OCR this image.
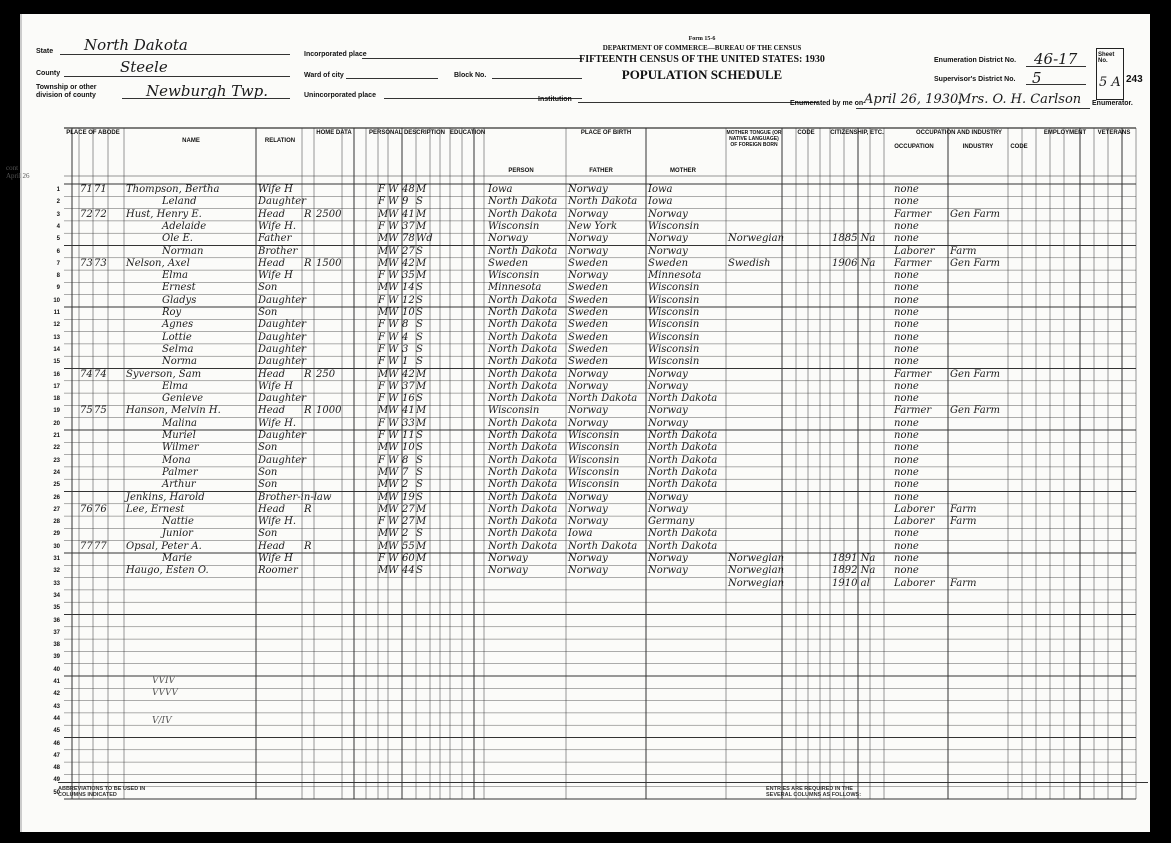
State North Dakota
County	Steele
Township or other division of county	Newburgh Twp.
Incorporated place
Ward of city	Block No.
Unincorporated place
Form 15-6
DEPARTMENT OF COMMERCE—BUREAU OF THE CENSUS
FIFTEENTH CENSUS OF THE UNITED STATES: 1930
POPULATION SCHEDULE
Institution
Enumeration District No. 46-17
Supervisor's District No. 5
Sheet No.
5 A 243
Enumerated by me on April 26, 1930,
Mrs. O. H. Carlson Enumerator.
cont April 26
PLACE OF ABODE
NAME	RELATION
HOME DATA	PERSONAL DESCRIPTION EDUCATION	PLACE OF BIRTH
PERSON	FATHER	MOTHER
MOTHER TONGUE (OR NATIVE LANGUAGE) OF FOREIGN BORN
CODE	CITIZENSHIP, ETC.	OCCUPATION AND INDUSTRY
OCCUPATION	INDUSTRY	CODE
EMPLOYMENT	VETERANS
1 71 71 Thompson, Bertha	Wife H	F W 48 M	Iowa	Norway	Iowa	none
2	Leland	Daughter	F W 9 S	North Dakota	North Dakota	Iowa	none
3 72 72 Hust, Henry E.	Head	R 2500	M W 41 M	North Dakota	Norway	Norway	Farmer	Gen Farm
4	Adelaide	Wife H.	F W 37 M	Wisconsin	New York	Wisconsin	none
5	Ole E.	Father	M W 78 Wd	Norway	Norway	Norway	Norwegian	1885 Na	none
6	Norman	Brother	M W 27 S	North Dakota	Norway	Norway	Laborer	Farm
7 73 73 Nelson, Axel	Head	R 1500	M W 42 M	Sweden	Sweden	Sweden	Swedish	1906 Na	Farmer	Gen Farm
8	Elma	Wife H	F W 35 M	Wisconsin	Norway	Minnesota	none
9	Ernest	Son	M W 14 S	Minnesota	Sweden	Wisconsin	none
10	Gladys	Daughter	F W 12 S	North Dakota	Sweden	Wisconsin	none
11	Roy	Son	M W 10 S	North Dakota	Sweden	Wisconsin	none
12	Agnes	Daughter	F W 8 S	North Dakota	Sweden	Wisconsin	none
13	Lottie	Daughter	F W 4 S	North Dakota	Sweden	Wisconsin	none
14	Selma	Daughter	F W 3 S	North Dakota	Sweden	Wisconsin	none
15	Norma	Daughter	F W 1 S	North Dakota	Sweden	Wisconsin	none
16 74 74 Syverson, Sam	Head	R 250	M W 42 M	North Dakota	Norway	Norway	Farmer	Gen Farm
17	Elma	Wife H	F W 37 M	North Dakota	Norway	Norway	none
18	Genieve	Daughter	F W 16 S	North Dakota	North Dakota	North Dakota	none
19 75 75 Hanson, Melvin H.	Head	R 1000	M W 41 M	Wisconsin	Norway	Norway	Farmer	Gen Farm
20	Malina	Wife H.	F W 33 M	North Dakota	Norway	Norway	none
21	Muriel	Daughter	F W 11 S	North Dakota	Wisconsin	North Dakota	none
22	Wilmer	Son	M W 10 S	North Dakota	Wisconsin	North Dakota	none
23	Mona	Daughter	F W 8 S	North Dakota	Wisconsin	North Dakota	none
24	Palmer	Son	M W 7 S	North Dakota	Wisconsin	North Dakota	none
25	Arthur	Son	M W 2 S	North Dakota	Wisconsin	North Dakota	none
26	Jenkins, Harold	Brother-in-law	M W 19 S	North Dakota	Norway	Norway	none
27 76 76 Lee, Ernest	Head	R	M W 27 M	North Dakota	Norway	Norway	Laborer	Farm
28	Nattie	Wife H.	F W 27 M	North Dakota	Norway	Germany	Laborer	Farm
29	Junior	Son	M W 2 S	North Dakota	Iowa	North Dakota	none
30 77 77 Opsal, Peter A.	Head	R	M W 55 M	North Dakota	North Dakota	North Dakota	none
31	Marie	Wife H	F W 60 M	Norway	Norway	Norway	Norwegian	1891 Na	none
32	Haugo, Esten O.	Roomer	M W 44 S	Norway	Norway	Norway	Norwegian	1892 Na	none
33	Norwegian	1910 al	Laborer	Farm
34
35
36
37
38
39
40
41
42
43
44
45
46
47
48
49
50
VVIV
VVVV
V/IV
ABBREVIATIONS TO BE USED IN COLUMNS INDICATED
ENTRIES ARE REQUIRED IN THE SEVERAL COLUMNS AS FOLLOWS:
